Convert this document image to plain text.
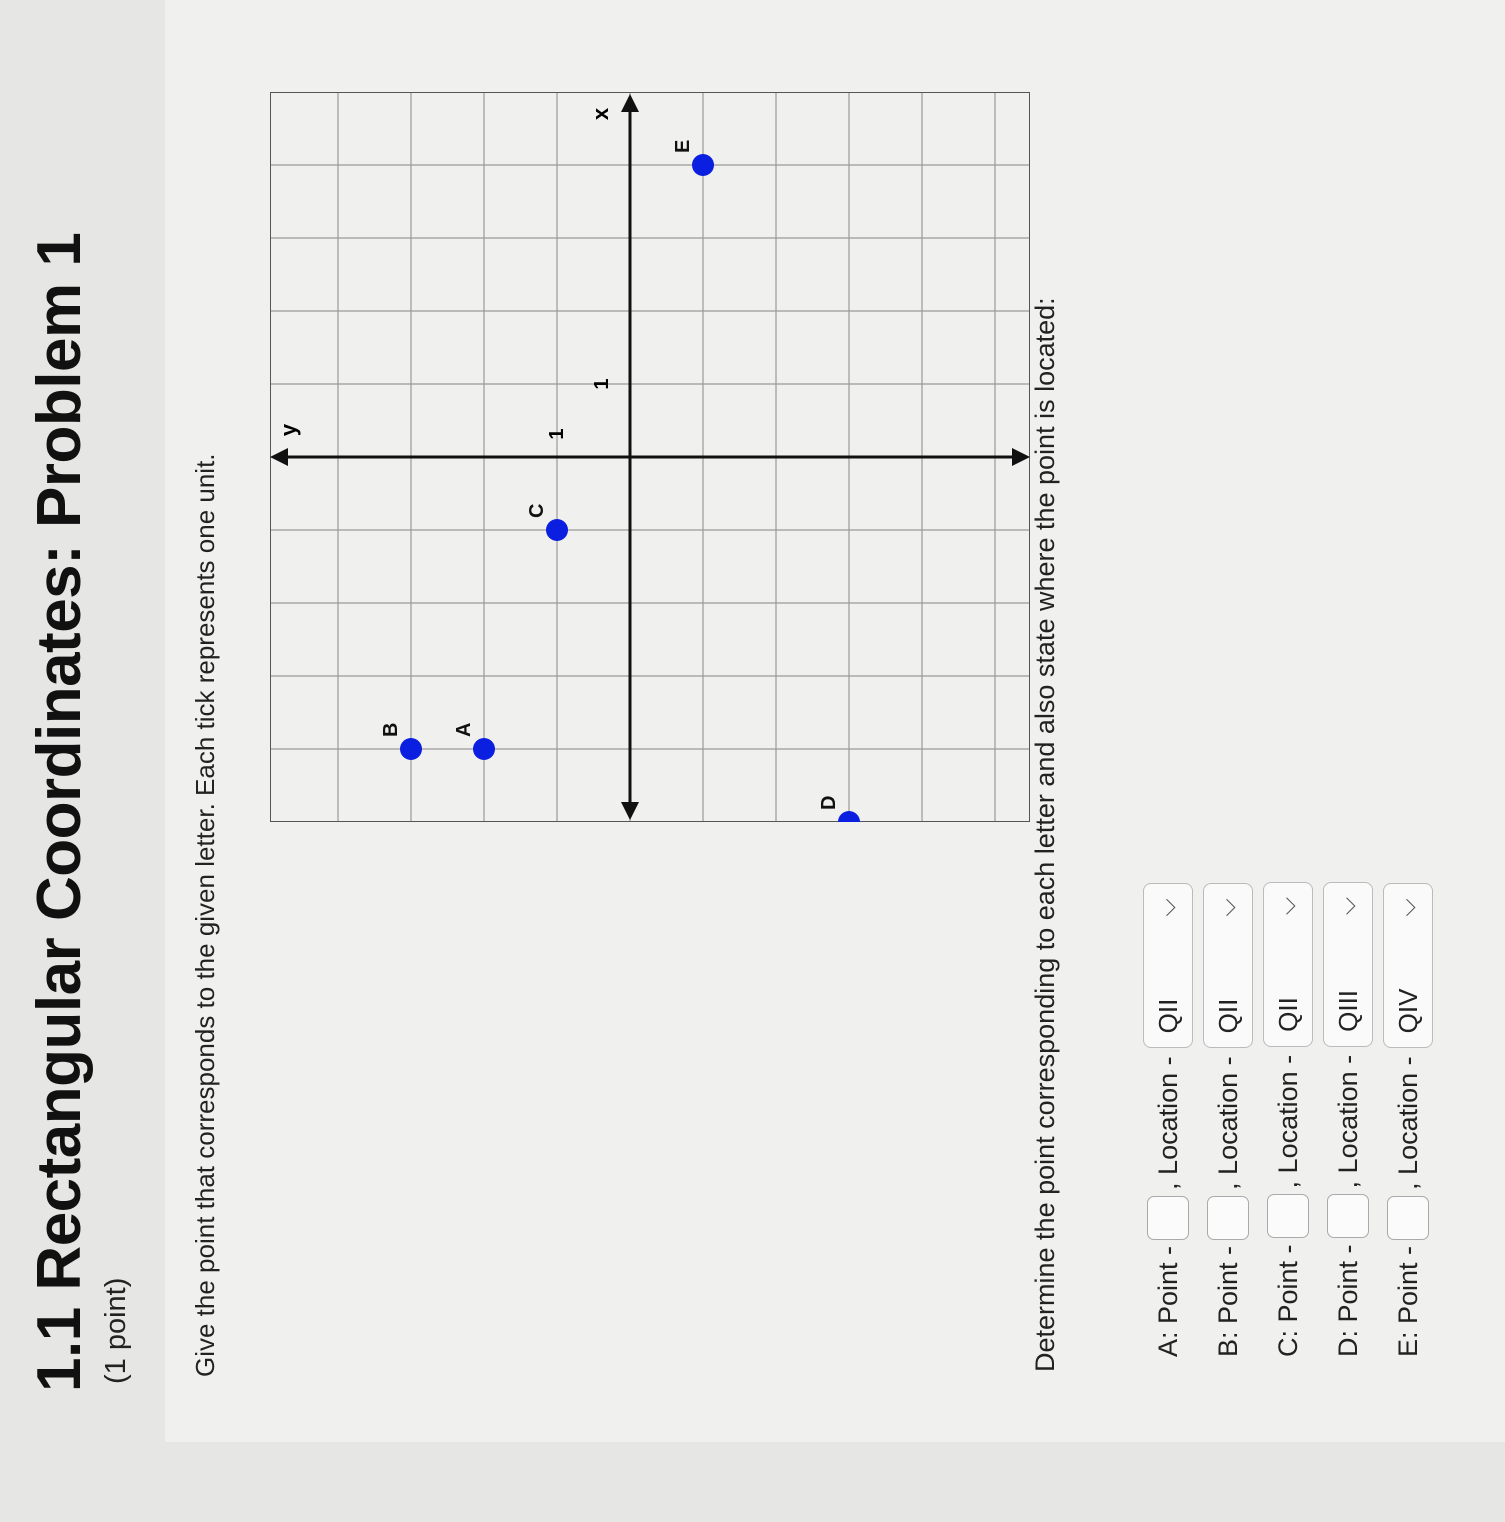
1.1 Rectangular Coordinates: Problem 1 (1 point) Give the point that corresponds to the given letter. Each tick represents one unit.
x
y
1
1
A
B
C
D
E
Determine the point corresponding to each letter and also state where the point is located:	A: Point -
, Location -
QII
⌵
B: Point -
, Location -
QII
⌵
C: Point -
, Location -
QII
⌵
D: Point -
, Location -
QIII
⌵
E: Point -
, Location -
QIV
⌵
